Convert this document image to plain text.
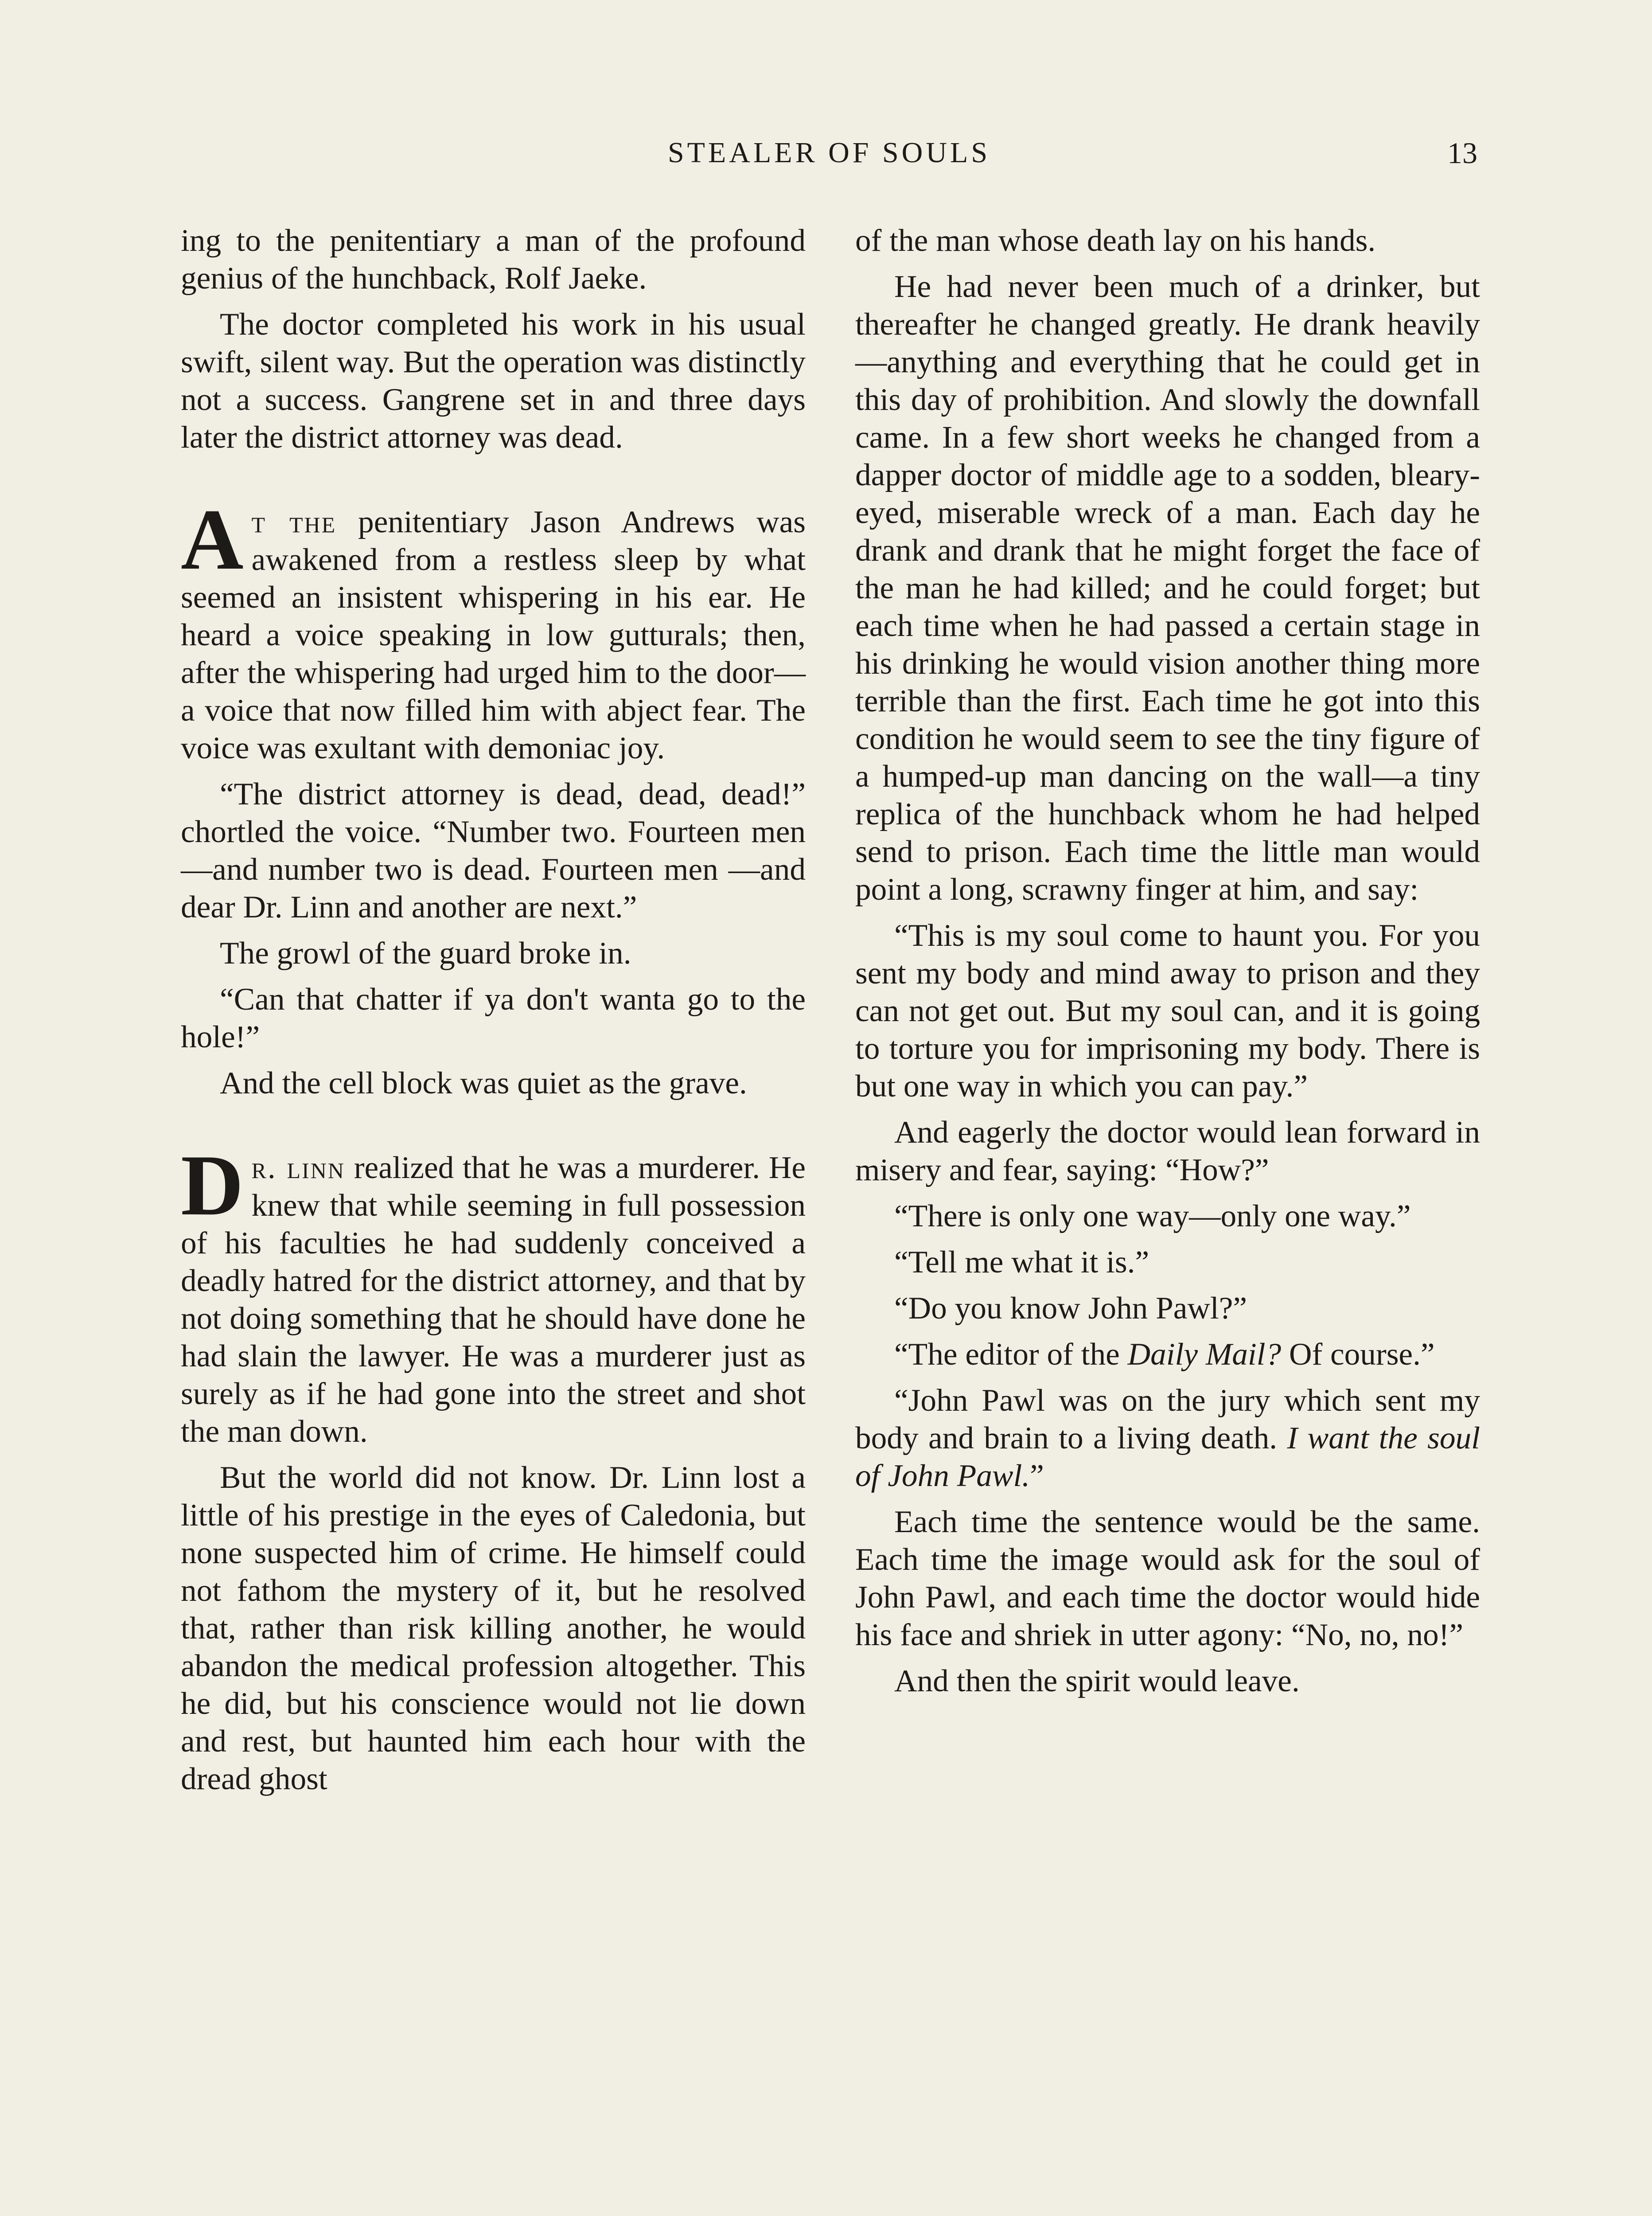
STEALER OF SOULS	13

ing to the penitentiary a man of the profound genius of the hunchback, Rolf Jaeke.

The doctor completed his work in his usual swift, silent way. But the operation was distinctly not a success. Gangrene set in and three days later the district attorney was dead.

At the penitentiary Jason Andrews was awakened from a restless sleep by what seemed an insistent whispering in his ear. He heard a voice speaking in low gutturals; then, after the whispering had urged him to the door—a voice that now filled him with abject fear. The voice was exultant with demoniac joy.

“The district attorney is dead, dead, dead!” chortled the voice. “Number two. Fourteen men—and number two is dead. Fourteen men —and dear Dr. Linn and another are next.”

The growl of the guard broke in.

“Can that chatter if ya don't wanta go to the hole!”

And the cell block was quiet as the grave.

Dr. linn realized that he was a murderer. He knew that while seeming in full possession of his faculties he had suddenly conceived a deadly hatred for the district attorney, and that by not doing something that he should have done he had slain the lawyer. He was a murderer just as surely as if he had gone into the street and shot the man down.

But the world did not know. Dr. Linn lost a little of his prestige in the eyes of Caledonia, but none suspected him of crime. He himself could not fathom the mystery of it, but he resolved that, rather than risk killing another, he would abandon the medical profession altogether. This he did, but his conscience would not lie down and rest, but haunted him each hour with the dread ghost

of the man whose death lay on his hands.

He had never been much of a drinker, but thereafter he changed greatly. He drank heavily—anything and everything that he could get in this day of prohibition. And slowly the downfall came. In a few short weeks he changed from a dapper doctor of middle age to a sodden, bleary-eyed, miserable wreck of a man. Each day he drank and drank that he might forget the face of the man he had killed; and he could forget; but each time when he had passed a certain stage in his drinking he would vision another thing more terrible than the first. Each time he got into this condition he would seem to see the tiny figure of a humped-up man dancing on the wall—a tiny replica of the hunchback whom he had helped send to prison. Each time the little man would point a long, scrawny finger at him, and say:

“This is my soul come to haunt you. For you sent my body and mind away to prison and they can not get out. But my soul can, and it is going to torture you for imprisoning my body. There is but one way in which you can pay.”

And eagerly the doctor would lean forward in misery and fear, saying: “How?”

“There is only one way—only one way.”

“Tell me what it is.”

“Do you know John Pawl?”

“The editor of the Daily Mail? Of course.”

“John Pawl was on the jury which sent my body and brain to a living death. I want the soul of John Pawl.”

Each time the sentence would be the same. Each time the image would ask for the soul of John Pawl, and each time the doctor would hide his face and shriek in utter agony: “No, no, no!”

And then the spirit would leave.
